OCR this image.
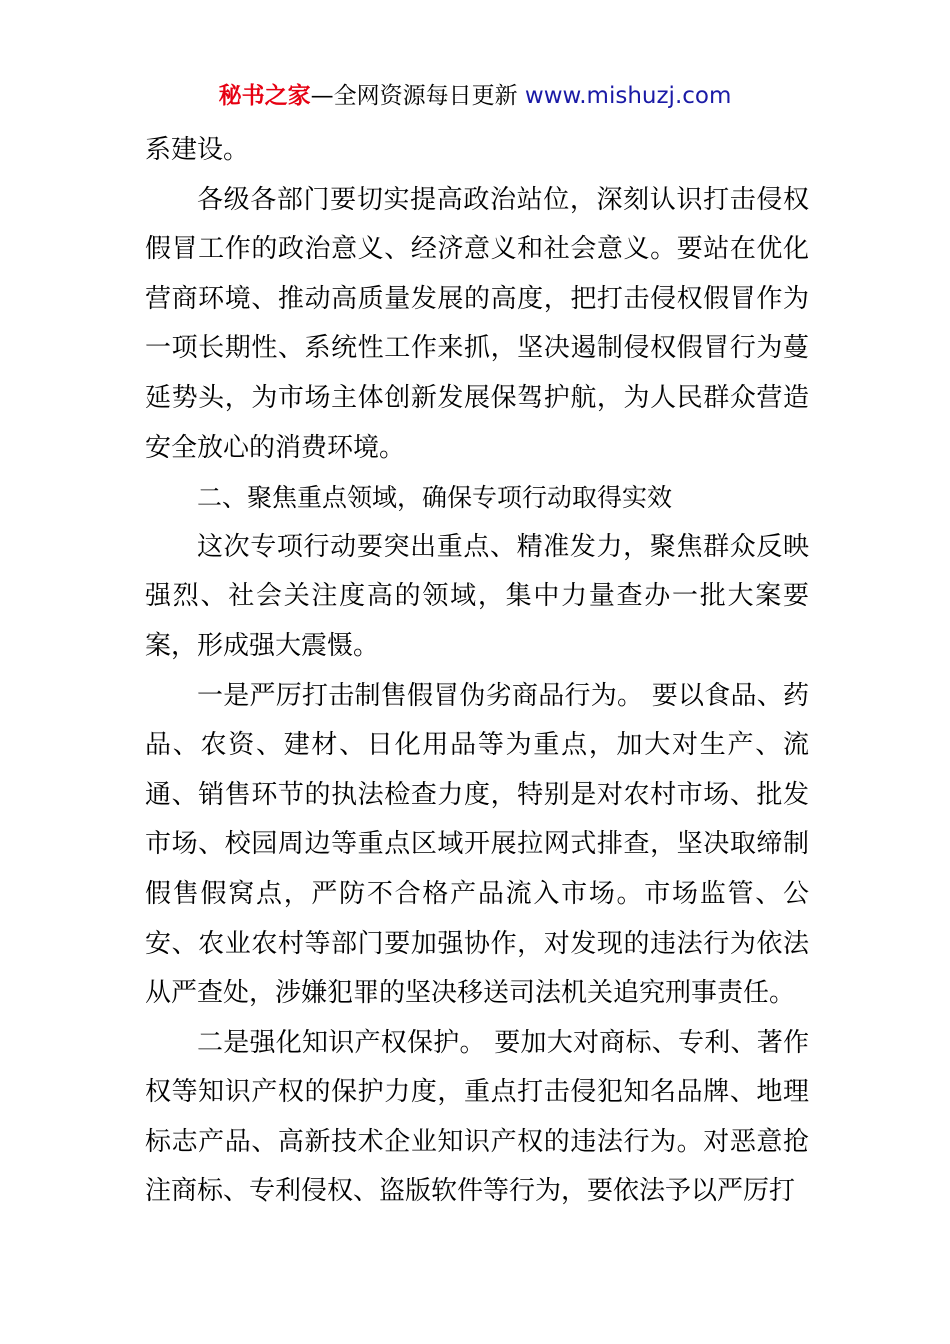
秘书之家—全网资源每日更新 www.mishuzj.com

系建设。

各级各部门要切实提高政治站位，深刻认识打击侵权假冒工作的政治意义、经济意义和社会意义。要站在优化营商环境、推动高质量发展的高度，把打击侵权假冒作为一项长期性、系统性工作来抓，坚决遏制侵权假冒行为蔓延势头，为市场主体创新发展保驾护航，为人民群众营造安全放心的消费环境。

二、聚焦重点领域，确保专项行动取得实效

这次专项行动要突出重点、精准发力，聚焦群众反映强烈、社会关注度高的领域，集中力量查办一批大案要案，形成强大震慑。

一是严厉打击制售假冒伪劣商品行为。 要以食品、药品、农资、建材、日化用品等为重点，加大对生产、流通、销售环节的执法检查力度，特别是对农村市场、批发市场、校园周边等重点区域开展拉网式排查，坚决取缔制假售假窝点，严防不合格产品流入市场。市场监管、公安、农业农村等部门要加强协作，对发现的违法行为依法从严查处，涉嫌犯罪的坚决移送司法机关追究刑事责任。

二是强化知识产权保护。 要加大对商标、专利、著作权等知识产权的保护力度，重点打击侵犯知名品牌、地理标志产品、高新技术企业知识产权的违法行为。对恶意抢注商标、专利侵权、盗版软件等行为，要依法予以严厉打
